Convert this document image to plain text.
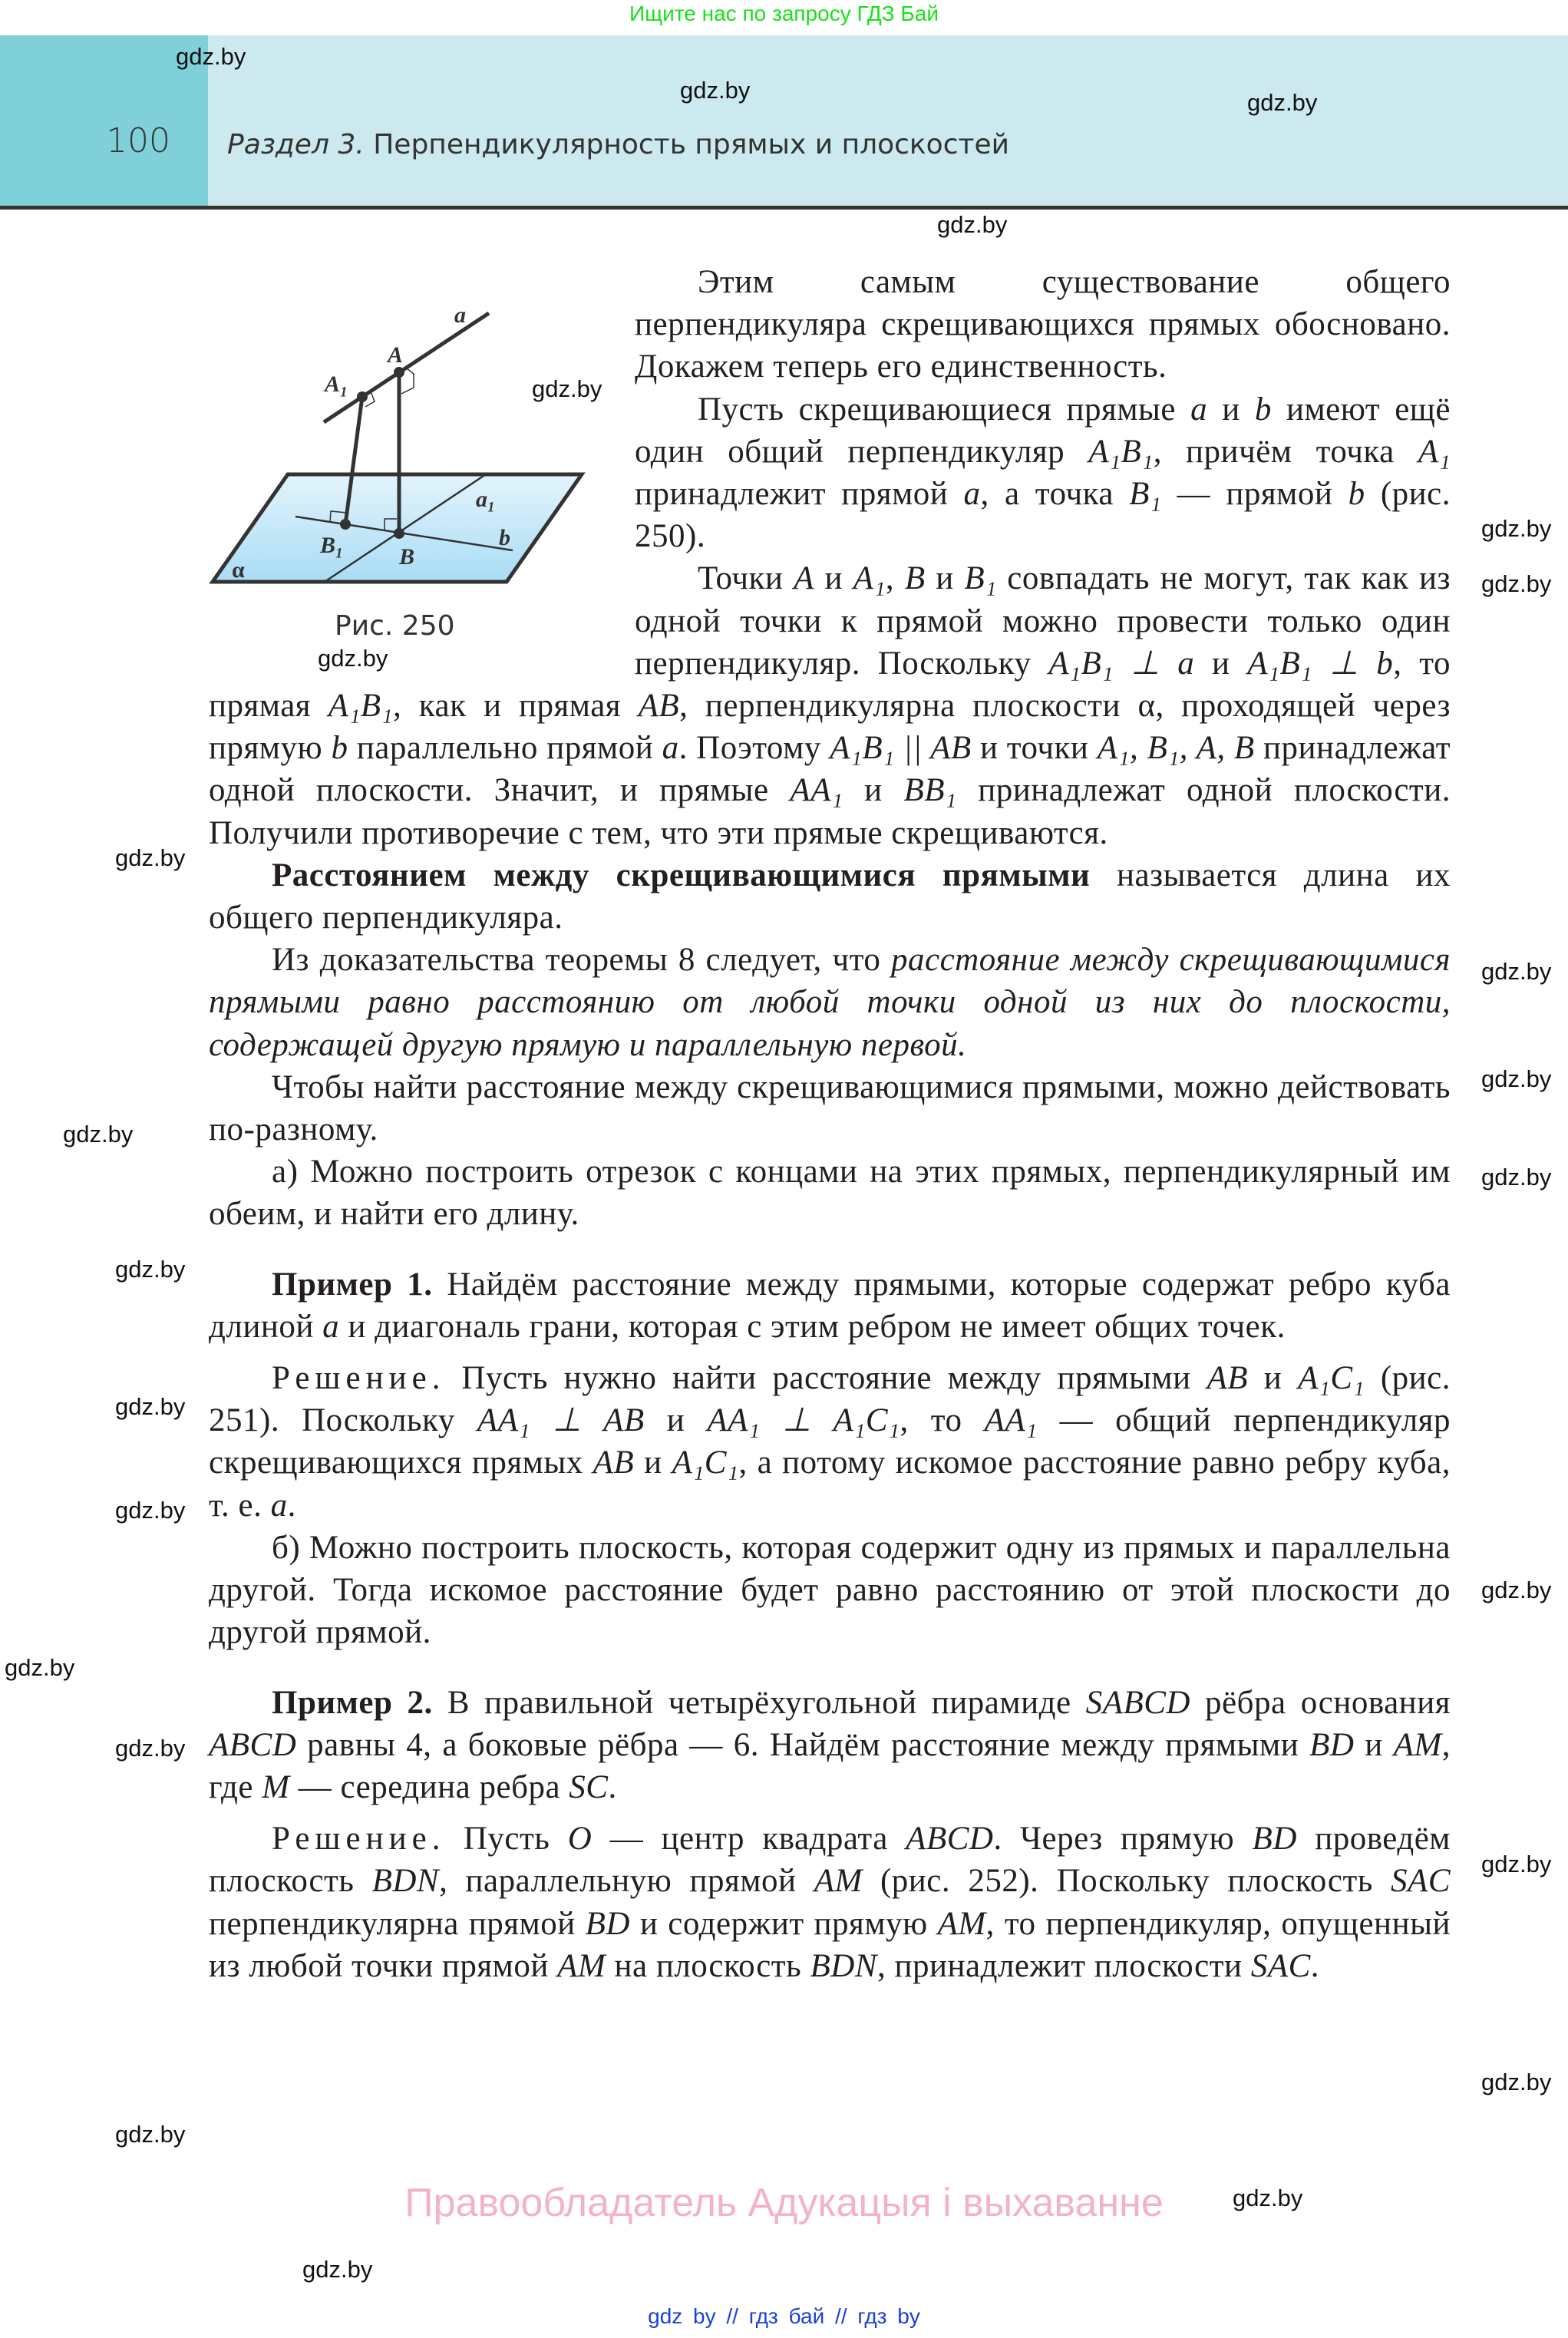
Ищите нас по запросу ГДЗ Бай
100 Раздел 3. Перпендикулярность прямых и плоскостей
a
A
A₁
a₁
b
B₁ B
α
Рис. 250

Этим самым существование общего перпендикуляра скрещивающихся прямых обосновано. Докажем теперь его единственность.

Пусть скрещивающиеся прямые a и b имеют ещё один общий перпендикуляр A₁B₁, причём точка A₁ принадлежит прямой a, а точка B₁ — прямой b (рис. 250).

Точки A и A₁, B и B₁ совпадать не могут, так как из одной точки к прямой можно провести только один перпендикуляр. Поскольку A₁B₁ ⊥ a и A₁B₁ ⊥ b, то прямая A₁B₁, как и прямая AB, перпендикулярна плоскости α, проходящей через прямую b параллельно прямой a. Поэтому A₁B₁ || AB и точки A₁, B₁, A, B принадлежат одной плоскости. Значит, и прямые AA₁ и BB₁ принадлежат одной плоскости. Получили противоречие с тем, что эти прямые скрещиваются.

Расстоянием между скрещивающимися прямыми называется длина их общего перпендикуляра.

Из доказательства теоремы 8 следует, что расстояние между скрещивающимися прямыми равно расстоянию от любой точки одной из них до плоскости, содержащей другую прямую и параллельную первой.

Чтобы найти расстояние между скрещивающимися прямыми, можно действовать по-разному.

а) Можно построить отрезок с концами на этих прямых, перпендикулярный им обеим, и найти его длину.

Пример 1. Найдём расстояние между прямыми, которые содержат ребро куба длиной a и диагональ грани, которая с этим ребром не имеет общих точек.

Решение. Пусть нужно найти расстояние между прямыми AB и A₁C₁ (рис. 251). Поскольку AA₁ ⊥ AB и AA₁ ⊥ A₁C₁, то AA₁ — общий перпендикуляр скрещивающихся прямых AB и A₁C₁, а потому искомое расстояние равно ребру куба, т. е. a.

б) Можно построить плоскость, которая содержит одну из прямых и параллельна другой. Тогда искомое расстояние будет равно расстоянию от этой плоскости до другой прямой.

Пример 2. В правильной четырёхугольной пирамиде SABCD рёбра основания ABCD равны 4, а боковые рёбра — 6. Найдём расстояние между прямыми BD и AM, где M — середина ребра SC.

Решение. Пусть O — центр квадрата ABCD. Через прямую BD проведём плоскость BDN, параллельную прямой AM (рис. 252). Поскольку плоскость SAC перпендикулярна прямой BD и содержит прямую AM, то перпендикуляр, опущенный из любой точки прямой AM на плоскость BDN, принадлежит плоскости SAC.

gdz.by
gdz.by
gdz.by
gdz.by
gdz.by
gdz.by
gdz.by
gdz.by
gdz.by
gdz.by
gdz.by
gdz.by
gdz.by
gdz.by
gdz.by
gdz.by
gdz.by
gdz.by
gdz.by
gdz.by
gdz.by
gdz.by
gdz.by
gdz.by
Правообладатель Адукацыя і выхаванне
gdz by // гдз бай // гдз by
